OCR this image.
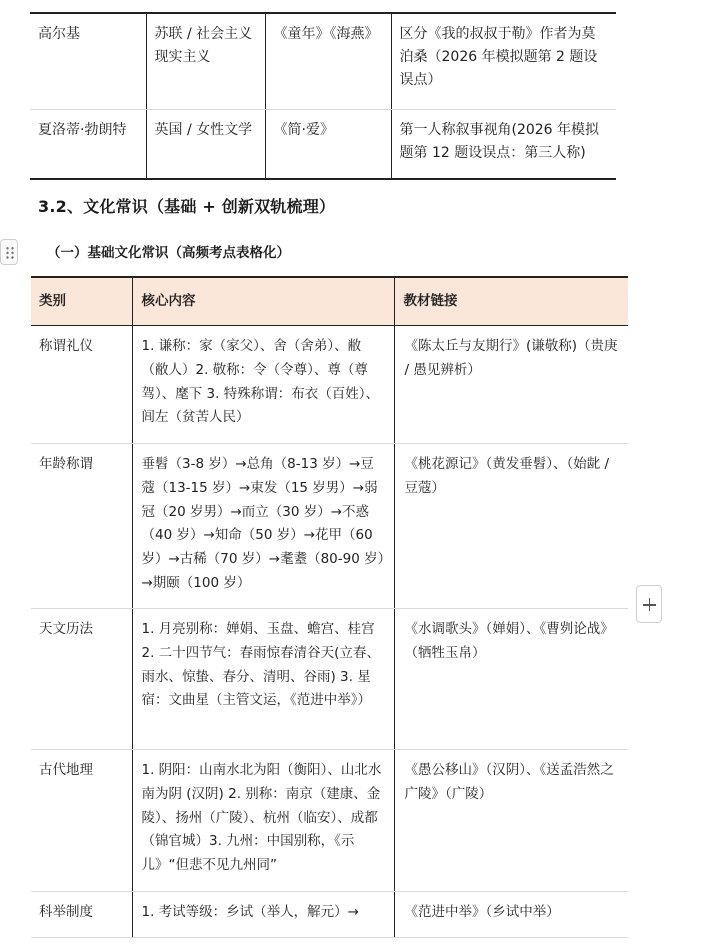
高尔基	苏联 / 社会主义现实主义	《童年》《海燕》	区分《我的叔叔于勒》作者为莫泊桑（2026 年模拟题第 2 题设误点）
夏洛蒂·勃朗特	英国 / 女性文学	《简·爱》	第一人称叙事视角(2026 年模拟题第 12 题设误点：第三人称)
3.2、文化常识（基础 + 创新双轨梳理）
（一）基础文化常识（高频考点表格化）
类别	核心内容	教材链接
称谓礼仪	1. 谦称：家（家父）、舍（舍弟）、敝（敝人）2. 敬称：令（令尊）、尊（尊驾）、麾下 3. 特殊称谓：布衣（百姓）、闾左（贫苦人民）	《陈太丘与友期行》(谦敬称)（贵庚 / 愚见辨析）
年龄称谓	垂髫（3-8 岁）→总角（8-13 岁）→豆蔻（13-15 岁）→束发（15 岁男）→弱冠（20 岁男）→而立（30 岁）→不惑（40 岁）→知命（50 岁）→花甲（60 岁）→古稀（70 岁）→耄耋（80-90 岁）→期颐（100 岁）	《桃花源记》（黄发垂髫）、（始龀 / 豆蔻）
天文历法	1. 月亮别称：婵娟、玉盘、蟾宫、桂宫 2. 二十四节气：春雨惊春清谷天(立春、雨水、惊蛰、春分、清明、谷雨) 3. 星宿：文曲星（主管文运，《范进中举》）	《水调歌头》（婵娟）、《曹刿论战》（牺牲玉帛）
古代地理	1. 阴阳：山南水北为阳（衡阳）、山北水南为阴 (汉阴) 2. 别称：南京（建康、金陵）、扬州（广陵）、杭州（临安）、成都（锦官城）3. 九州：中国别称，《示儿》“但悲不见九州同”	《愚公移山》（汉阴）、《送孟浩然之广陵》（广陵）
科举制度	1. 考试等级：乡试（举人，解元）→	《范进中举》（乡试中举）
